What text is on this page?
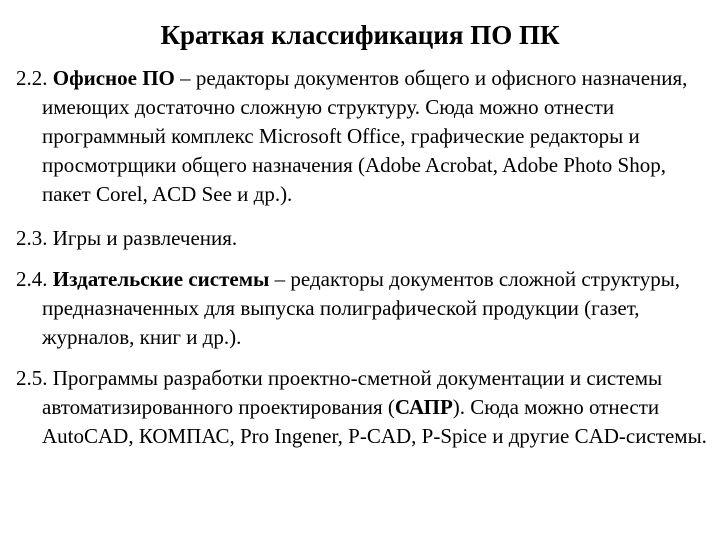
Краткая классификация ПО ПК

2.2. Офисное ПО – редакторы документов общего и офисного назначения, имеющих достаточно сложную структуру. Сюда можно отнести программный комплекс Microsoft Office, графические редакторы и просмотрщики общего назначения (Adobe Acrobat, Adobe Photo Shop, пакет Corel, ACD See и др.).

2.3. Игры и развлечения.

2.4. Издательские системы – редакторы документов сложной структуры, предназначенных для выпуска полиграфической продукции (газет, журналов, книг и др.).

2.5. Программы разработки проектно-сметной документации и системы автоматизированного проектирования (САПР). Сюда можно отнести AutoCAD, КОМПАС, Pro Ingener, P-CAD, P-Spice и другие CAD-системы.
